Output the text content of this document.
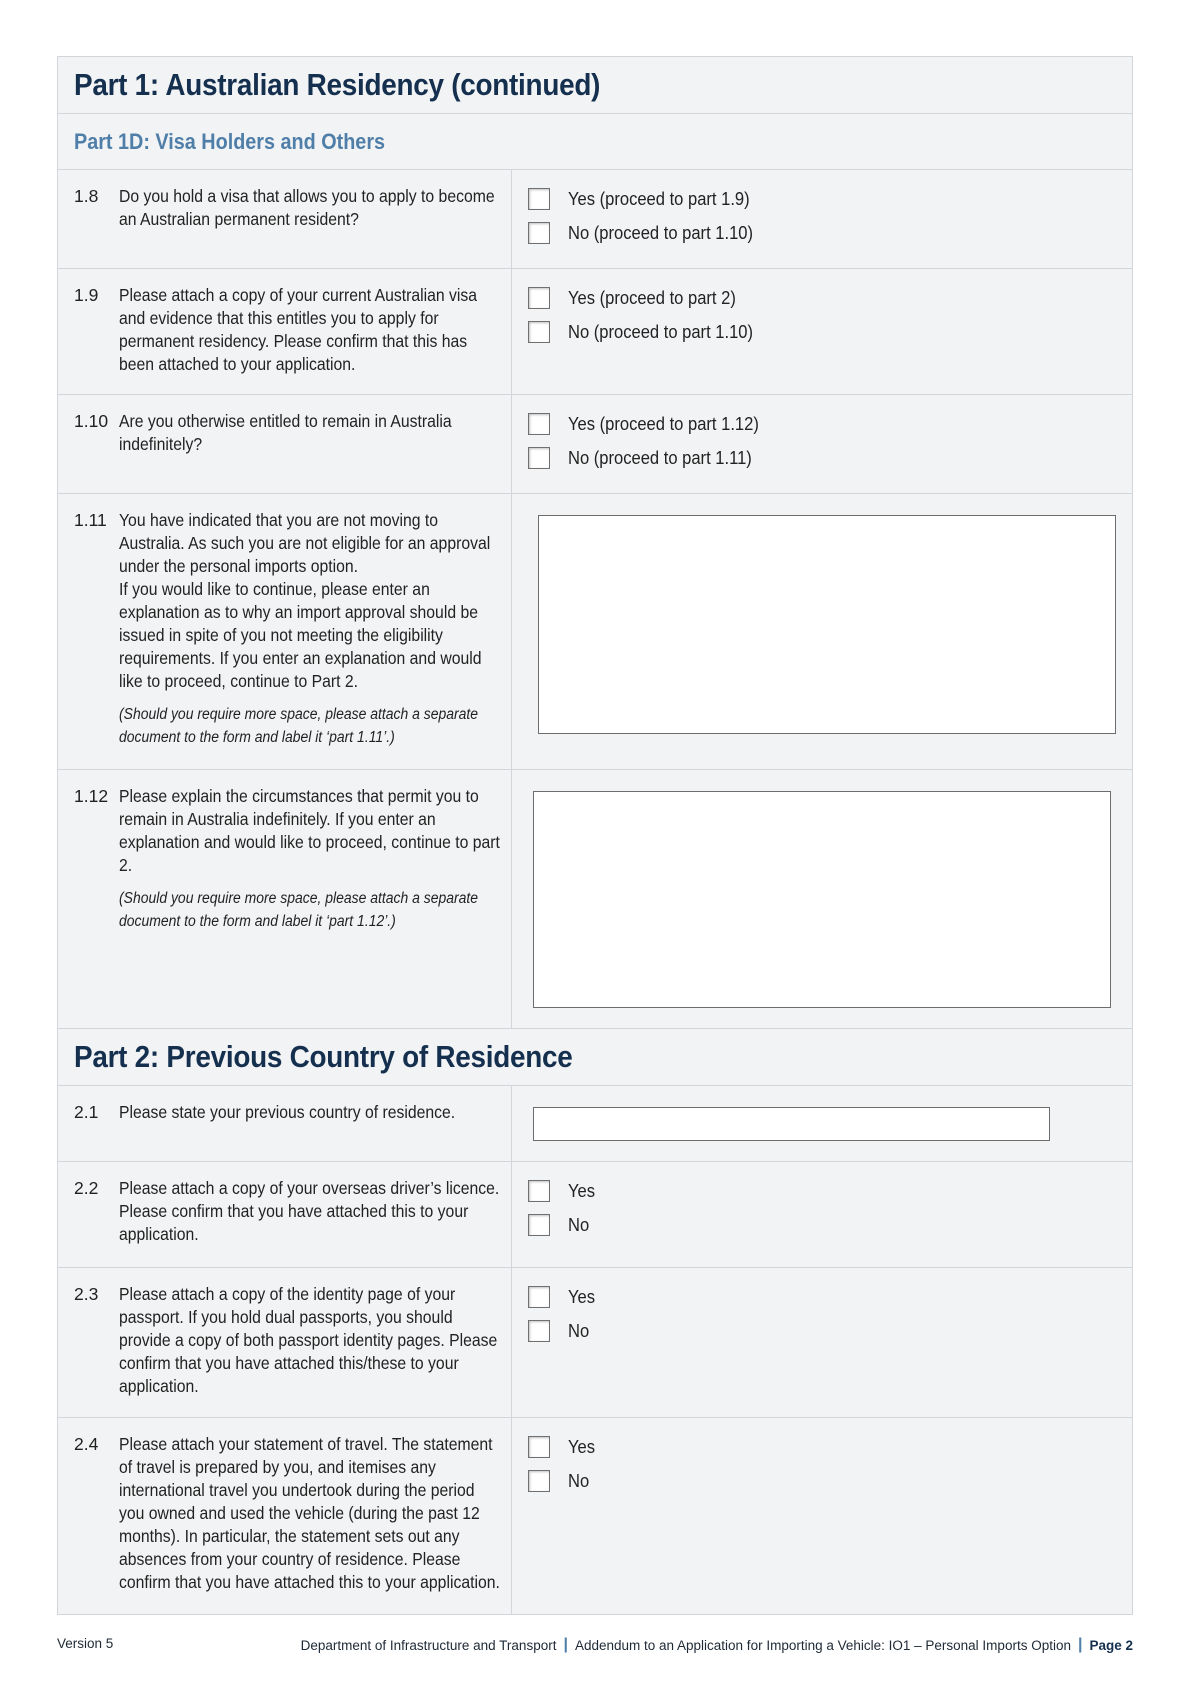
Part 1: Australian Residency (continued)
Part 1D: Visa Holders and Others
1.8	Do you hold a visa that allows you to apply to become an Australian permanent resident?
Yes (proceed to part 1.9)
No (proceed to part 1.10)
1.9	Please attach a copy of your current Australian visa and evidence that this entitles you to apply for permanent residency. Please confirm that this has been attached to your application.
Yes (proceed to part 2)
No (proceed to part 1.10)
1.10 Are you otherwise entitled to remain in Australia indefinitely?
Yes (proceed to part 1.12)
No (proceed to part 1.11)
1.11 You have indicated that you are not moving to Australia. As such you are not eligible for an approval under the personal imports option.
If you would like to continue, please enter an explanation as to why an import approval should be issued in spite of you not meeting the eligibility requirements. If you enter an explanation and would like to proceed, continue to Part 2.
(Should you require more space, please attach a separate document to the form and label it ‘part 1.11’.)
1.12 Please explain the circumstances that permit you to remain in Australia indefinitely. If you enter an explanation and would like to proceed, continue to part 2.
(Should you require more space, please attach a separate document to the form and label it ‘part 1.12’.)
Part 2: Previous Country of Residence
2.1	Please state your previous country of residence.
2.2	Please attach a copy of your overseas driver’s licence. Please confirm that you have attached this to your application.
Yes
No
2.3	Please attach a copy of the identity page of your passport. If you hold dual passports, you should provide a copy of both passport identity pages. Please confirm that you have attached this/these to your application.
Yes
No
2.4	Please attach your statement of travel. The statement of travel is prepared by you, and itemises any international travel you undertook during the period you owned and used the vehicle (during the past 12 months). In particular, the statement sets out any absences from your country of residence. Please confirm that you have attached this to your application.
Yes
No
Version 5	Department of Infrastructure and Transport | Addendum to an Application for Importing a Vehicle: IO1 – Personal Imports Option | Page 2
